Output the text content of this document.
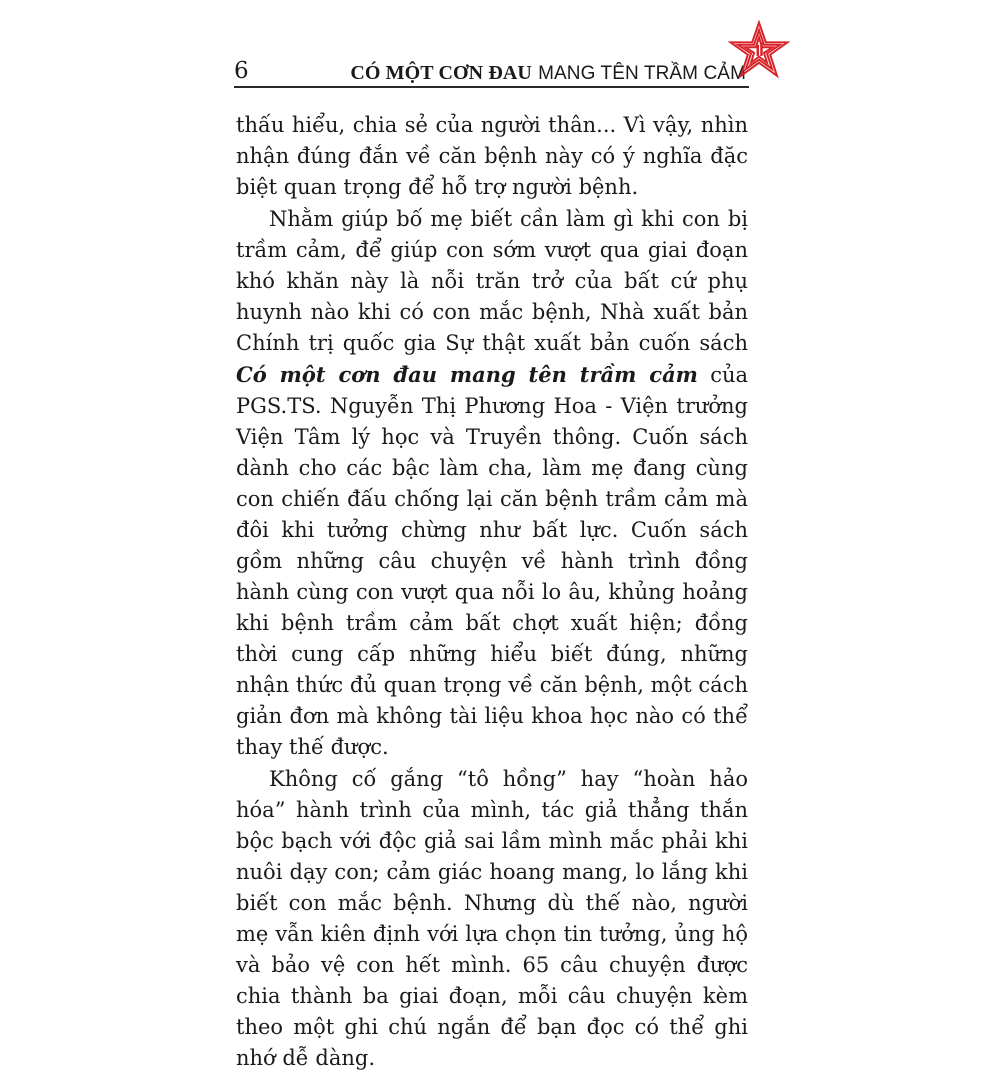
6	CÓ MỘT CƠN ĐAU MANG TÊN TRẦM CẢM

thấu hiểu, chia sẻ của người thân... Vì vậy, nhìn nhận đúng đắn về căn bệnh này có ý nghĩa đặc biệt quan trọng để hỗ trợ người bệnh.

Nhằm giúp bố mẹ biết cần làm gì khi con bị trầm cảm, để giúp con sớm vượt qua giai đoạn khó khăn này là nỗi trăn trở của bất cứ phụ huynh nào khi có con mắc bệnh, Nhà xuất bản Chính trị quốc gia Sự thật xuất bản cuốn sách Có một cơn đau mang tên trầm cảm của PGS.TS. Nguyễn Thị Phương Hoa - Viện trưởng Viện Tâm lý học và Truyền thông. Cuốn sách dành cho các bậc làm cha, làm mẹ đang cùng con chiến đấu chống lại căn bệnh trầm cảm mà đôi khi tưởng chừng như bất lực. Cuốn sách gồm những câu chuyện về hành trình đồng hành cùng con vượt qua nỗi lo âu, khủng hoảng khi bệnh trầm cảm bất chợt xuất hiện; đồng thời cung cấp những hiểu biết đúng, những nhận thức đủ quan trọng về căn bệnh, một cách giản đơn mà không tài liệu khoa học nào có thể thay thế được.

Không cố gắng “tô hồng” hay “hoàn hảo hóa” hành trình của mình, tác giả thẳng thắn bộc bạch với độc giả sai lầm mình mắc phải khi nuôi dạy con; cảm giác hoang mang, lo lắng khi biết con mắc bệnh. Nhưng dù thế nào, người mẹ vẫn kiên định với lựa chọn tin tưởng, ủng hộ và bảo vệ con hết mình. 65 câu chuyện được chia thành ba giai đoạn, mỗi câu chuyện kèm theo một ghi chú ngắn để bạn đọc có thể ghi nhớ dễ dàng.
